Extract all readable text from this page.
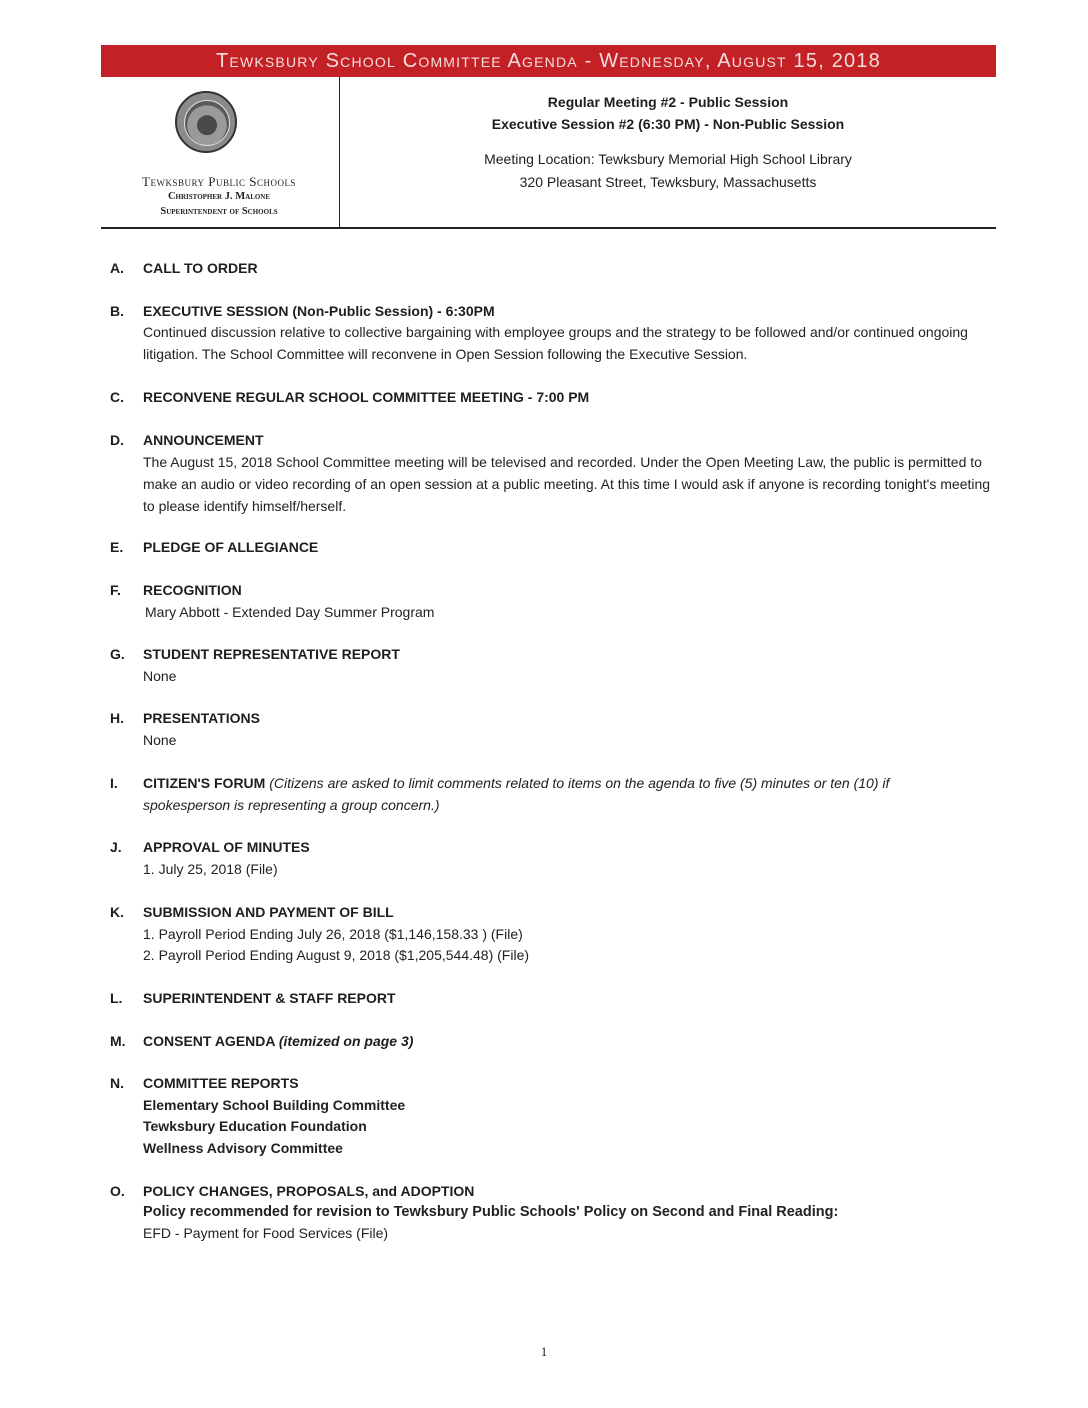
Tewksbury School Committee Agenda - Wednesday, August 15, 2018
Tewksbury Public Schools
Christopher J. Malone
Superintendent of Schools
Regular Meeting #2 - Public Session
Executive Session #2 (6:30 PM) - Non-Public Session
Meeting Location: Tewksbury Memorial High School Library
320 Pleasant Street, Tewksbury, Massachusetts
A. CALL TO ORDER
B. EXECUTIVE SESSION (Non-Public Session) - 6:30PM
Continued discussion relative to collective bargaining with employee groups and the strategy to be followed and/or continued ongoing
litigation. The School Committee will reconvene in Open Session following the Executive Session.
C. RECONVENE REGULAR SCHOOL COMMITTEE MEETING - 7:00 PM
D. ANNOUNCEMENT
The August 15, 2018 School Committee meeting will be televised and recorded. Under the Open Meeting Law, the public is permitted to
make an audio or video recording of an open session at a public meeting. At this time I would ask if anyone is recording tonight's meeting
to please identify himself/herself.
E. PLEDGE OF ALLEGIANCE
F. RECOGNITION
Mary Abbott - Extended Day Summer Program
G. STUDENT REPRESENTATIVE REPORT
None
H. PRESENTATIONS
None
I. CITIZEN'S FORUM (Citizens are asked to limit comments related to items on the agenda to five (5) minutes or ten (10) if
spokesperson is representing a group concern.)
J. APPROVAL OF MINUTES
1. July 25, 2018 (File)
K. SUBMISSION AND PAYMENT OF BILL
1. Payroll Period Ending July 26, 2018 ($1,146,158.33 ) (File)
2. Payroll Period Ending August 9, 2018 ($1,205,544.48) (File)
L. SUPERINTENDENT & STAFF REPORT
M. CONSENT AGENDA (itemized on page 3)
N. COMMITTEE REPORTS
Elementary School Building Committee
Tewksbury Education Foundation
Wellness Advisory Committee
O. POLICY CHANGES, PROPOSALS, and ADOPTION
Policy recommended for revision to Tewksbury Public Schools' Policy on Second and Final Reading:
EFD - Payment for Food Services (File)
1
